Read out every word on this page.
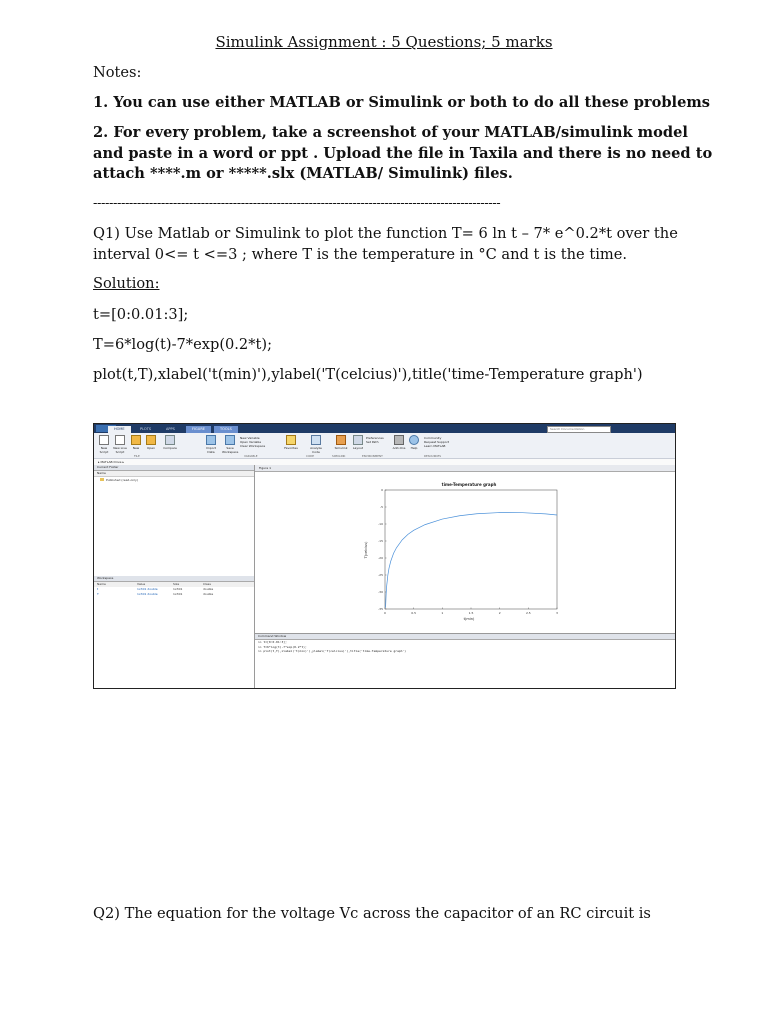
Simulink Assignment : 5 Questions; 5 marks
Notes:
1. You can use either MATLAB or Simulink or both to do all these problems
2. For every problem, take a screenshot of your MATLAB/simulink model
and paste in a word or ppt . Upload the file in Taxila and there is no need to
attach ****.m or *****.slx (MATLAB/ Simulink) files.
------------------------------------------------------------------------------------------------------
Q1) Use Matlab or Simulink to plot the function T= 6 ln t – 7* e^0.2*t over the
interval 0<= t <=3 ; where T is the temperature in °C and t is the time.
Solution:
t=[0:0.01:3];
T=6*log(t)-7*exp(0.2*t);
plot(t,T),xlabel('t(min)'),ylabel('T(celcius)'),title('time-Temperature graph')
HOME	PLOTS	APPS	FIGURE	TOOLS	Search Documentation
New Script
New Live Script
New	Open	Compare	Import Data
Save Workspace
New Variable
Open Variable
Clear Workspace	Favorites	Analyze Code
Simulink	Layout
Preferences
Set Path
Add-Ons	Help
Community
Request Support
Learn MATLAB
FILE	VARIABLE	CODE	SIMULINK	ENVIRONMENT	RESOURCES
▸ MATLAB Drive ▸
Current Folder
Name
Published (read-only)
Workspace
Name	Value	Size	Class
t	1x301 double	1x301	double
T	1x301 double	1x301	double
Figure 1
time-Temperature graph
t(min)
T(celcius)
0	0.5	1	1.5	2	2.5	3
0
-5
-10
-15
-20
-25
-30
-35
Command Window
>> t=[0:0.01:3];
>> T=6*log(t)-7*exp(0.2*t);
>> plot(t,T),xlabel('t(min)'),ylabel('T(celcius)'),title('time-Temperature graph')
Q2) The equation for the voltage Vc across the capacitor of an RC circuit is
